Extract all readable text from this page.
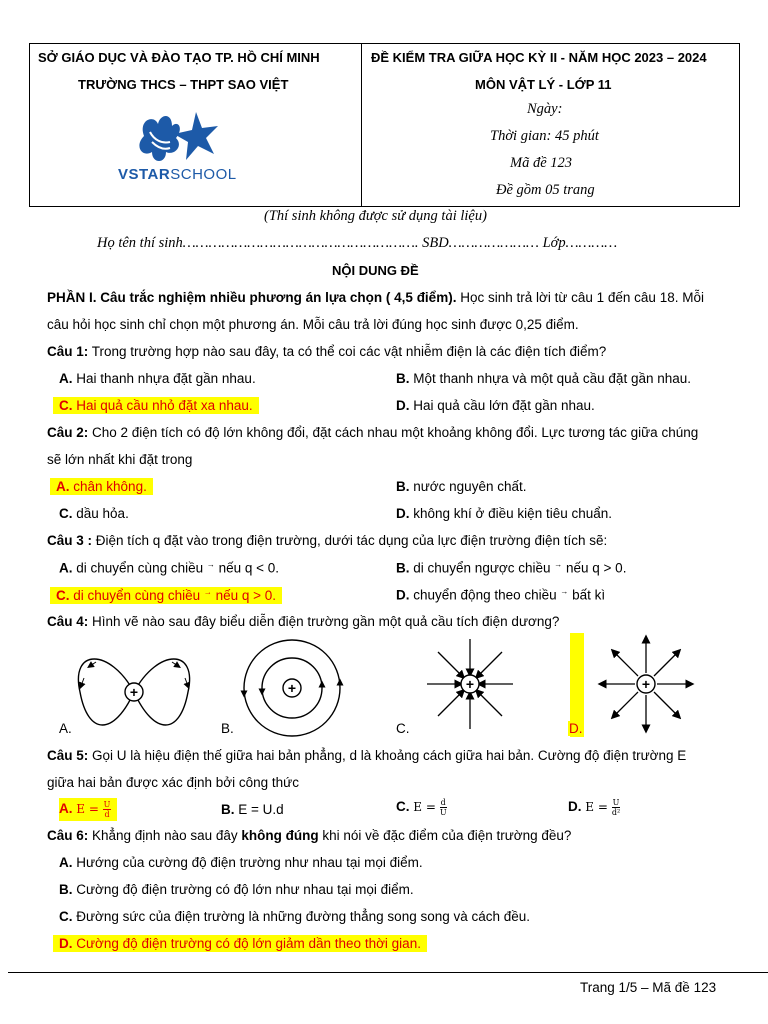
SỞ GIÁO DỤC VÀ ĐÀO TẠO TP. HỒ CHÍ MINH
TRƯỜNG THCS – THPT SAO VIỆT
VSTARSCHOOL
ĐỀ KIỂM TRA GIỮA HỌC KỲ II - NĂM HỌC 2023 – 2024
MÔN VẬT LÝ - LỚP 11
Ngày:
Thời gian: 45 phút
Mã đề 123
Đề gồm 05 trang
(Thí sinh không được sử dụng tài liệu)
Họ tên thí sinh………………………………………………. SBD………………… Lớp…………
NỘI DUNG ĐỀ
PHẦN I. Câu trắc nghiệm nhiều phương án lựa chọn ( 4,5 điểm). Học sinh trả lời từ câu 1 đến câu 18. Mỗi
câu hỏi học sinh chỉ chọn một phương án. Mỗi câu trả lời đúng học sinh được 0,25 điểm.
Câu 1: Trong trường hợp nào sau đây, ta có thể coi các vật nhiễm điện là các điện tích điểm?
A. Hai thanh nhựa đặt gần nhau.	B. Một thanh nhựa và một quả cầu đặt gần nhau.
C. Hai quả cầu nhỏ đặt xa nhau.	D. Hai quả cầu lớn đặt gần nhau.
Câu 2: Cho 2 điện tích có độ lớn không đổi, đặt cách nhau một khoảng không đổi. Lực tương tác giữa chúng
sẽ lớn nhất khi đặt trong
A. chân không.	B. nước nguyên chất.
C. dầu hỏa.	D. không khí ở điều kiện tiêu chuẩn.
Câu 3 : Điện tích q đặt vào trong điện trường, dưới tác dụng của lực điện trường điện tích sẽ:
A. di chuyển cùng chiều → nếu q < 0.	B. di chuyển ngược chiều → nếu q > 0.
C. di chuyển cùng chiều → nếu q > 0.	D. chuyển động theo chiều → bất kì
Câu 4: Hình vẽ nào sau đây biểu diễn điện trường gần một quả cầu tích điện dương?
+
A.
+
B.
+
C.
+
D.
Câu 5: Gọi U là hiệu điện thế giữa hai bản phẳng, d là khoảng cách giữa hai bản. Cường độ điện trường E
giữa hai bản được xác định bởi công thức
A. $E = \frac{U}{d}$	B. E = U.d	C. $E = \frac{d}{U}$	D. $E = \frac{U}{\text{d²}}$
Câu 6: Khẳng định nào sau đây không đúng khi nói về đặc điểm của điện trường đều?
A. Hướng của cường độ điện trường như nhau tại mọi điểm.
B. Cường độ điện trường có độ lớn như nhau tại mọi điểm.
C. Đường sức của điện trường là những đường thẳng song song và cách đều.
D. Cường độ điện trường có độ lớn giảm dần theo thời gian.
Trang 1/5 – Mã đề 123
